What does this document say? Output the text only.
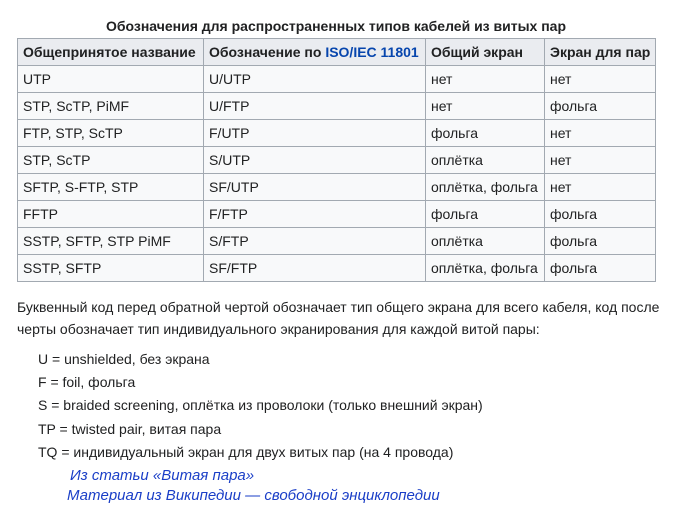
Обозначения для распространенных типов кабелей из витых пар
Общепринятое название	Обозначение по ISO/IEC 11801	Общий экран	Экран для пар
UTP	U/UTP	нет	нет
STP, ScTP, PiMF	U/FTP	нет	фольга
FTP, STP, ScTP	F/UTP	фольга	нет
STP, ScTP	S/UTP	оплётка	нет
SFTP, S-FTP, STP	SF/UTP	оплётка, фольга	нет
FFTP	F/FTP	фольга	фольга
SSTP, SFTP, STP PiMF	S/FTP	оплётка	фольга
SSTP, SFTP	SF/FTP	оплётка, фольга	фольга
Буквенный код перед обратной чертой обозначает тип общего экрана для всего кабеля, код после черты обозначает тип индивидуального экранирования для каждой витой пары:
U = unshielded, без экрана
F = foil, фольга
S = braided screening, оплётка из проволоки (только внешний экран)
TP = twisted pair, витая пара
TQ = индивидуальный экран для двух витых пар (на 4 провода)
Из статьи «Витая пара»
Материал из Википедии — свободной энциклопедии
